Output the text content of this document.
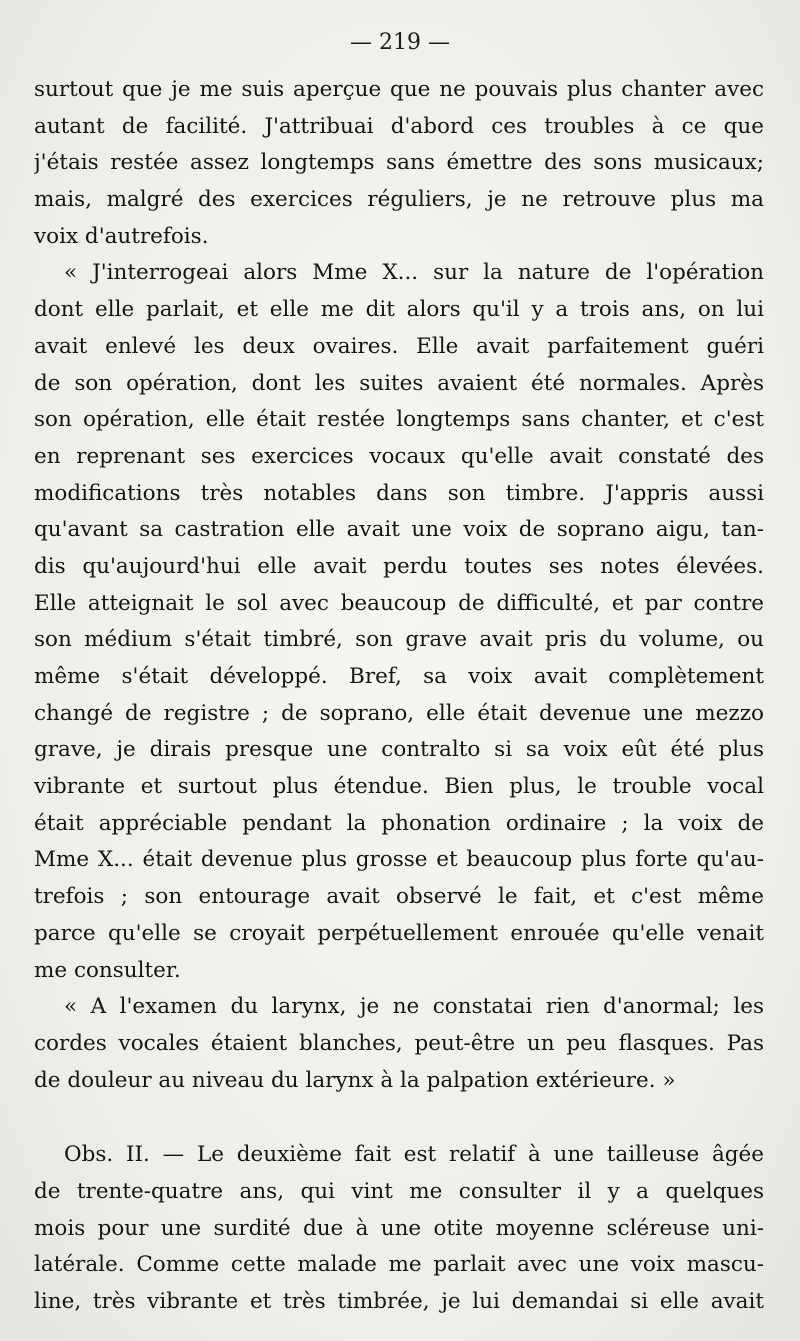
— 219 —
surtout que je me suis aperçue que ne pouvais plus chanter avec
autant de facilité. J'attribuai d'abord ces troubles à ce que
j'étais restée assez longtemps sans émettre des sons musicaux;
mais, malgré des exercices réguliers, je ne retrouve plus ma
voix d'autrefois.
« J'interrogeai alors Mme X... sur la nature de l'opération
dont elle parlait, et elle me dit alors qu'il y a trois ans, on lui
avait enlevé les deux ovaires. Elle avait parfaitement guéri
de son opération, dont les suites avaient été normales. Après
son opération, elle était restée longtemps sans chanter, et c'est
en reprenant ses exercices vocaux qu'elle avait constaté des
modifications très notables dans son timbre. J'appris aussi
qu'avant sa castration elle avait une voix de soprano aigu, tan-
dis qu'aujourd'hui elle avait perdu toutes ses notes élevées.
Elle atteignait le sol avec beaucoup de difficulté, et par contre
son médium s'était timbré, son grave avait pris du volume, ou
même s'était développé. Bref, sa voix avait complètement
changé de registre ; de soprano, elle était devenue une mezzo
grave, je dirais presque une contralto si sa voix eût été plus
vibrante et surtout plus étendue. Bien plus, le trouble vocal
était appréciable pendant la phonation ordinaire ; la voix de
Mme X... était devenue plus grosse et beaucoup plus forte qu'au-
trefois ; son entourage avait observé le fait, et c'est même
parce qu'elle se croyait perpétuellement enrouée qu'elle venait
me consulter.
« A l'examen du larynx, je ne constatai rien d'anormal; les
cordes vocales étaient blanches, peut-être un peu flasques. Pas
de douleur au niveau du larynx à la palpation extérieure. »
Obs. II. — Le deuxième fait est relatif à une tailleuse âgée
de trente-quatre ans, qui vint me consulter il y a quelques
mois pour une surdité due à une otite moyenne scléreuse uni-
latérale. Comme cette malade me parlait avec une voix mascu-
line, très vibrante et très timbrée, je lui demandai si elle avait
